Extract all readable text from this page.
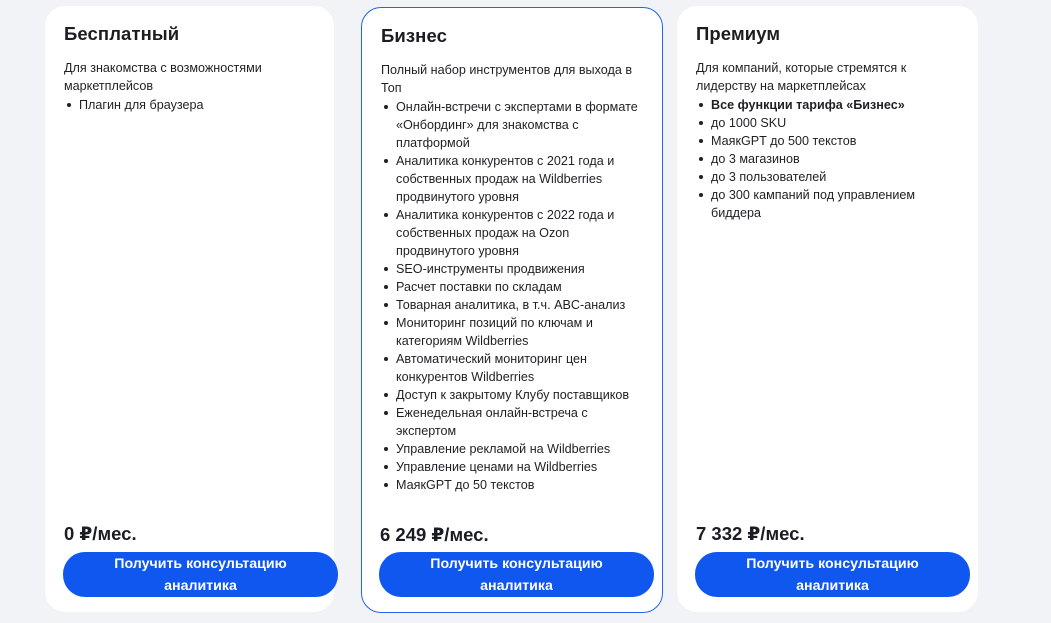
Бесплатный
Для знакомства с возможностями маркетплейсов
Плагин для браузера
0 ₽/мес.
Получить консультацию аналитика
Бизнес
Полный набор инструментов для выхода в Топ
Онлайн-встречи с экспертами в формате «Онбординг» для знакомства с платформой
Аналитика конкурентов с 2021 года и собственных продаж на Wildberries продвинутого уровня
Аналитика конкурентов с 2022 года и собственных продаж на Ozon продвинутого уровня
SEO-инструменты продвижения
Расчет поставки по складам
Товарная аналитика, в т.ч. ABC-анализ
Мониторинг позиций по ключам и категориям Wildberries
Автоматический мониторинг цен конкурентов Wildberries
Доступ к закрытому Клубу поставщиков
Еженедельная онлайн-встреча с экспертом
Управление рекламой на Wildberries
Управление ценами на Wildberries
МаякGPT до 50 текстов
6 249 ₽/мес.
Получить консультацию аналитика
Премиум
Для компаний, которые стремятся к лидерству на маркетплейсах
Все функции тарифа «Бизнес»
до 1000 SKU
МаякGPT до 500 текстов
до 3 магазинов
до 3 пользователей
до 300 кампаний под управлением биддера
7 332 ₽/мес.
Получить консультацию аналитика
